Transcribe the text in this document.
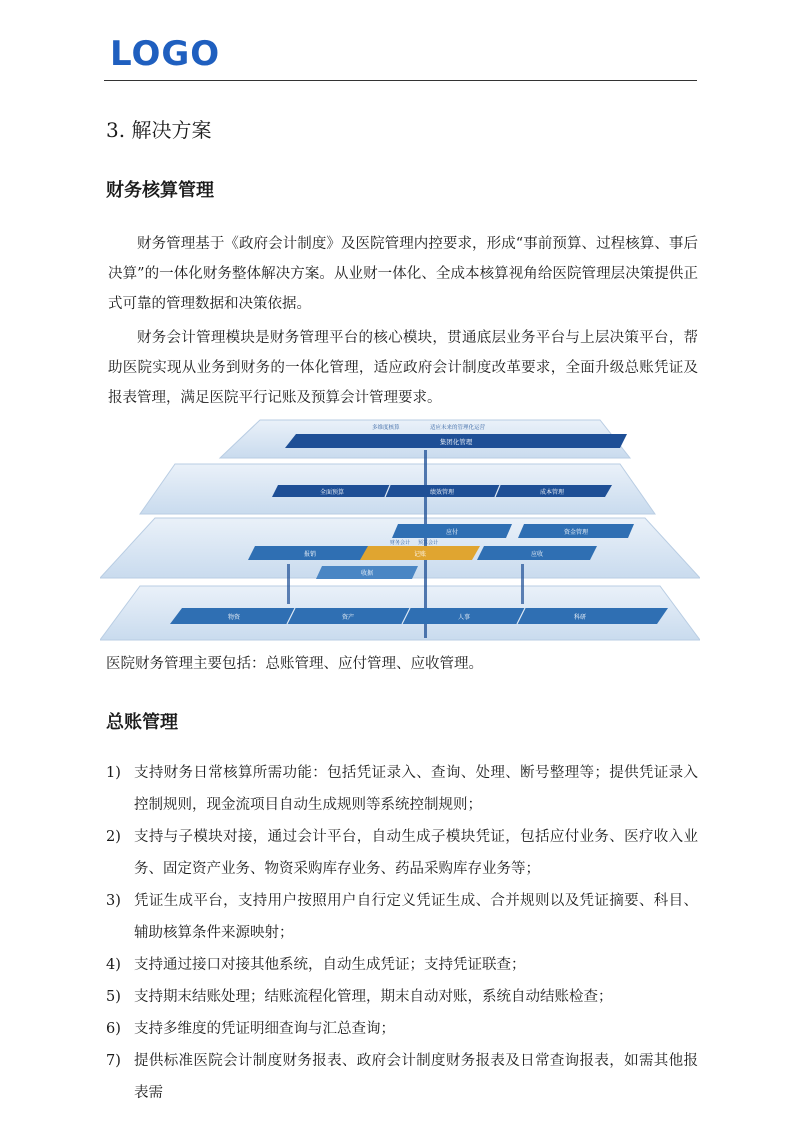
LOGO
3. 解决方案
财务核算管理

财务管理基于《政府会计制度》及医院管理内控要求，形成“事前预算、过程核算、事后决算”的一体化财务整体解决方案。从业财一体化、全成本核算视角给医院管理层决策提供正式可靠的管理数据和决策依据。

财务会计管理模块是财务管理平台的核心模块，贯通底层业务平台与上层决策平台，帮助医院实现从业务到财务的一体化管理，适应政府会计制度改革要求，全面升级总账凭证及报表管理，满足医院平行记账及预算会计管理要求。

多维度核算	适应未来的管理化运营
集团化管理
全面预算	绩效管理	成本管理
应付	资金管理
财务会计 预算会计
报销	记账	应收
收据
物资	资产	人事	科研
医院财务管理主要包括：总账管理、应付管理、应收管理。
总账管理
1) 支持财务日常核算所需功能：包括凭证录入、查询、处理、断号整理等；提供凭证录入控制规则，现金流项目自动生成规则等系统控制规则；
2) 支持与子模块对接，通过会计平台，自动生成子模块凭证，包括应付业务、医疗收入业务、固定资产业务、物资采购库存业务、药品采购库存业务等；
3) 凭证生成平台，支持用户按照用户自行定义凭证生成、合并规则以及凭证摘要、科目、辅助核算条件来源映射；
4) 支持通过接口对接其他系统，自动生成凭证；支持凭证联查；
5) 支持期末结账处理；结账流程化管理，期末自动对账，系统自动结账检查；
6) 支持多维度的凭证明细查询与汇总查询；
7) 提供标准医院会计制度财务报表、政府会计制度财务报表及日常查询报表，如需其他报表需
